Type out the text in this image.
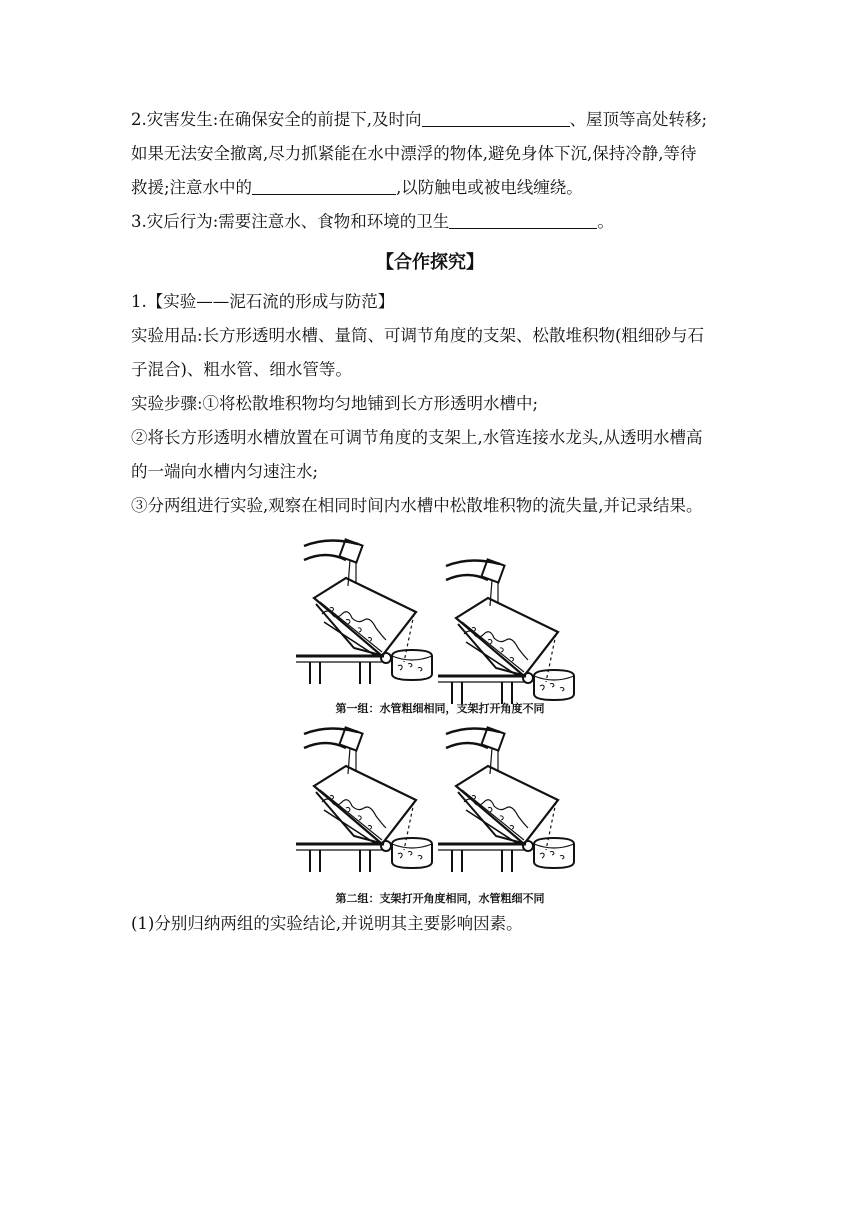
2.灾害发生:在确保安全的前提下,及时向	、屋顶等高处转移;
如果无法安全撤离,尽力抓紧能在水中漂浮的物体,避免身体下沉,保持冷静,等待
救援;注意水中的	,以防触电或被电线缠绕。
3.灾后行为:需要注意水、食物和环境的卫生	。
【合作探究】
1.【实验——泥石流的形成与防范】
实验用品:长方形透明水槽、量筒、可调节角度的支架、松散堆积物(粗细砂与石
子混合)、粗水管、细水管等。
实验步骤:①将松散堆积物均匀地铺到长方形透明水槽中;
②将长方形透明水槽放置在可调节角度的支架上,水管连接水龙头,从透明水槽高
的一端向水槽内匀速注水;
③分两组进行实验,观察在相同时间内水槽中松散堆积物的流失量,并记录结果。
第一组：水管粗细相同，支架打开角度不同
第二组：支架打开角度相同，水管粗细不同
(1)分别归纳两组的实验结论,并说明其主要影响因素。
